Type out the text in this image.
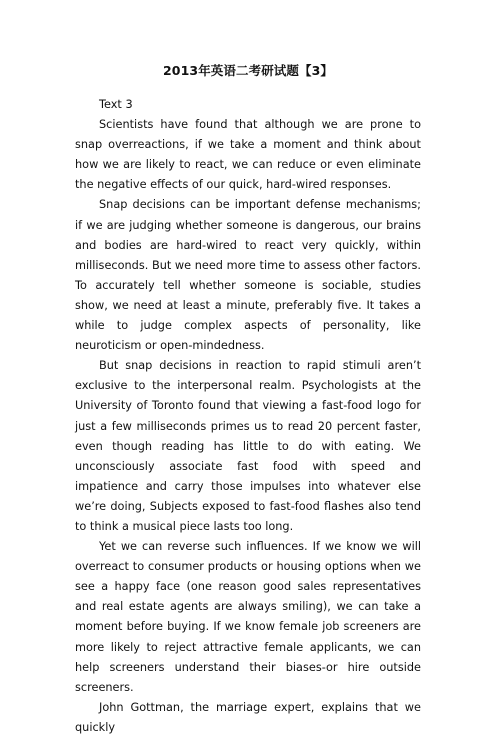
2013年英语二考研试题【3】

Text 3

Scientists have found that although we are prone to snap overreactions, if we take a moment and think about how we are likely to react, we can reduce or even eliminate the negative effects of our quick, hard-wired responses.

Snap decisions can be important defense mechanisms; if we are judging whether someone is dangerous, our brains and bodies are hard-wired to react very quickly, within milliseconds. But we need more time to assess other factors. To accurately tell whether someone is sociable, studies show, we need at least a minute, preferably five. It takes a while to judge complex aspects of personality, like neuroticism or open-mindedness.

But snap decisions in reaction to rapid stimuli aren’t exclusive to the interpersonal realm. Psychologists at the University of Toronto found that viewing a fast-food logo for just a few milliseconds primes us to read 20 percent faster, even though reading has little to do with eating. We unconsciously associate fast food with speed and impatience and carry those impulses into whatever else we’re doing, Subjects exposed to fast-food flashes also tend to think a musical piece lasts too long.

Yet we can reverse such influences. If we know we will overreact to consumer products or housing options when we see a happy face (one reason good sales representatives and real estate agents are always smiling), we can take a moment before buying. If we know female job screeners are more likely to reject attractive female applicants, we can help screeners understand their biases-or hire outside screeners.

John Gottman, the marriage expert, explains that we quickly
